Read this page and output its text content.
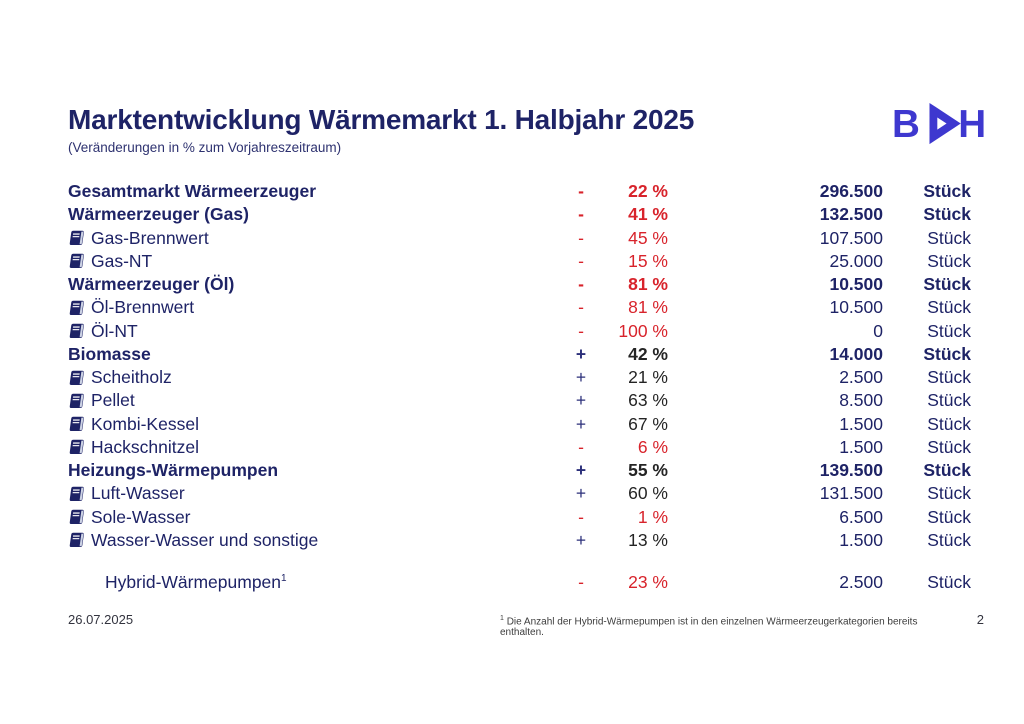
Marktentwicklung Wärmemarkt 1. Halbjahr 2025
(Veränderungen in % zum Vorjahreszeitraum)
B H
Gesamtmarkt Wärmeerzeuger	-	22 %	296.500	Stück
Wärmeerzeuger (Gas)	-	41 %	132.500	Stück
Gas-Brennwert	-	45 %	107.500	Stück
Gas-NT	-	15 %	25.000	Stück
Wärmeerzeuger (Öl)	-	81 %	10.500	Stück
Öl-Brennwert	-	81 %	10.500	Stück
Öl-NT	-	100 %	0	Stück
Biomasse	+	42 %	14.000	Stück
Scheitholz	+	21 %	2.500	Stück
Pellet	+	63 %	8.500	Stück
Kombi-Kessel	+	67 %	1.500	Stück
Hackschnitzel	-	6 %	1.500	Stück
Heizungs-Wärmepumpen	+	55 %	139.500	Stück
Luft-Wasser	+	60 %	131.500	Stück
Sole-Wasser	-	1 %	6.500	Stück
Wasser-Wasser und sonstige	+	13 %	1.500	Stück
Hybrid-Wärmepumpen$^1$	-	23 %	2.500	Stück
26.07.2025	$^1$ Die Anzahl der Hybrid-Wärmepumpen ist in den einzelnen Wärmeerzeugerkategorien bereits enthalten.
2
